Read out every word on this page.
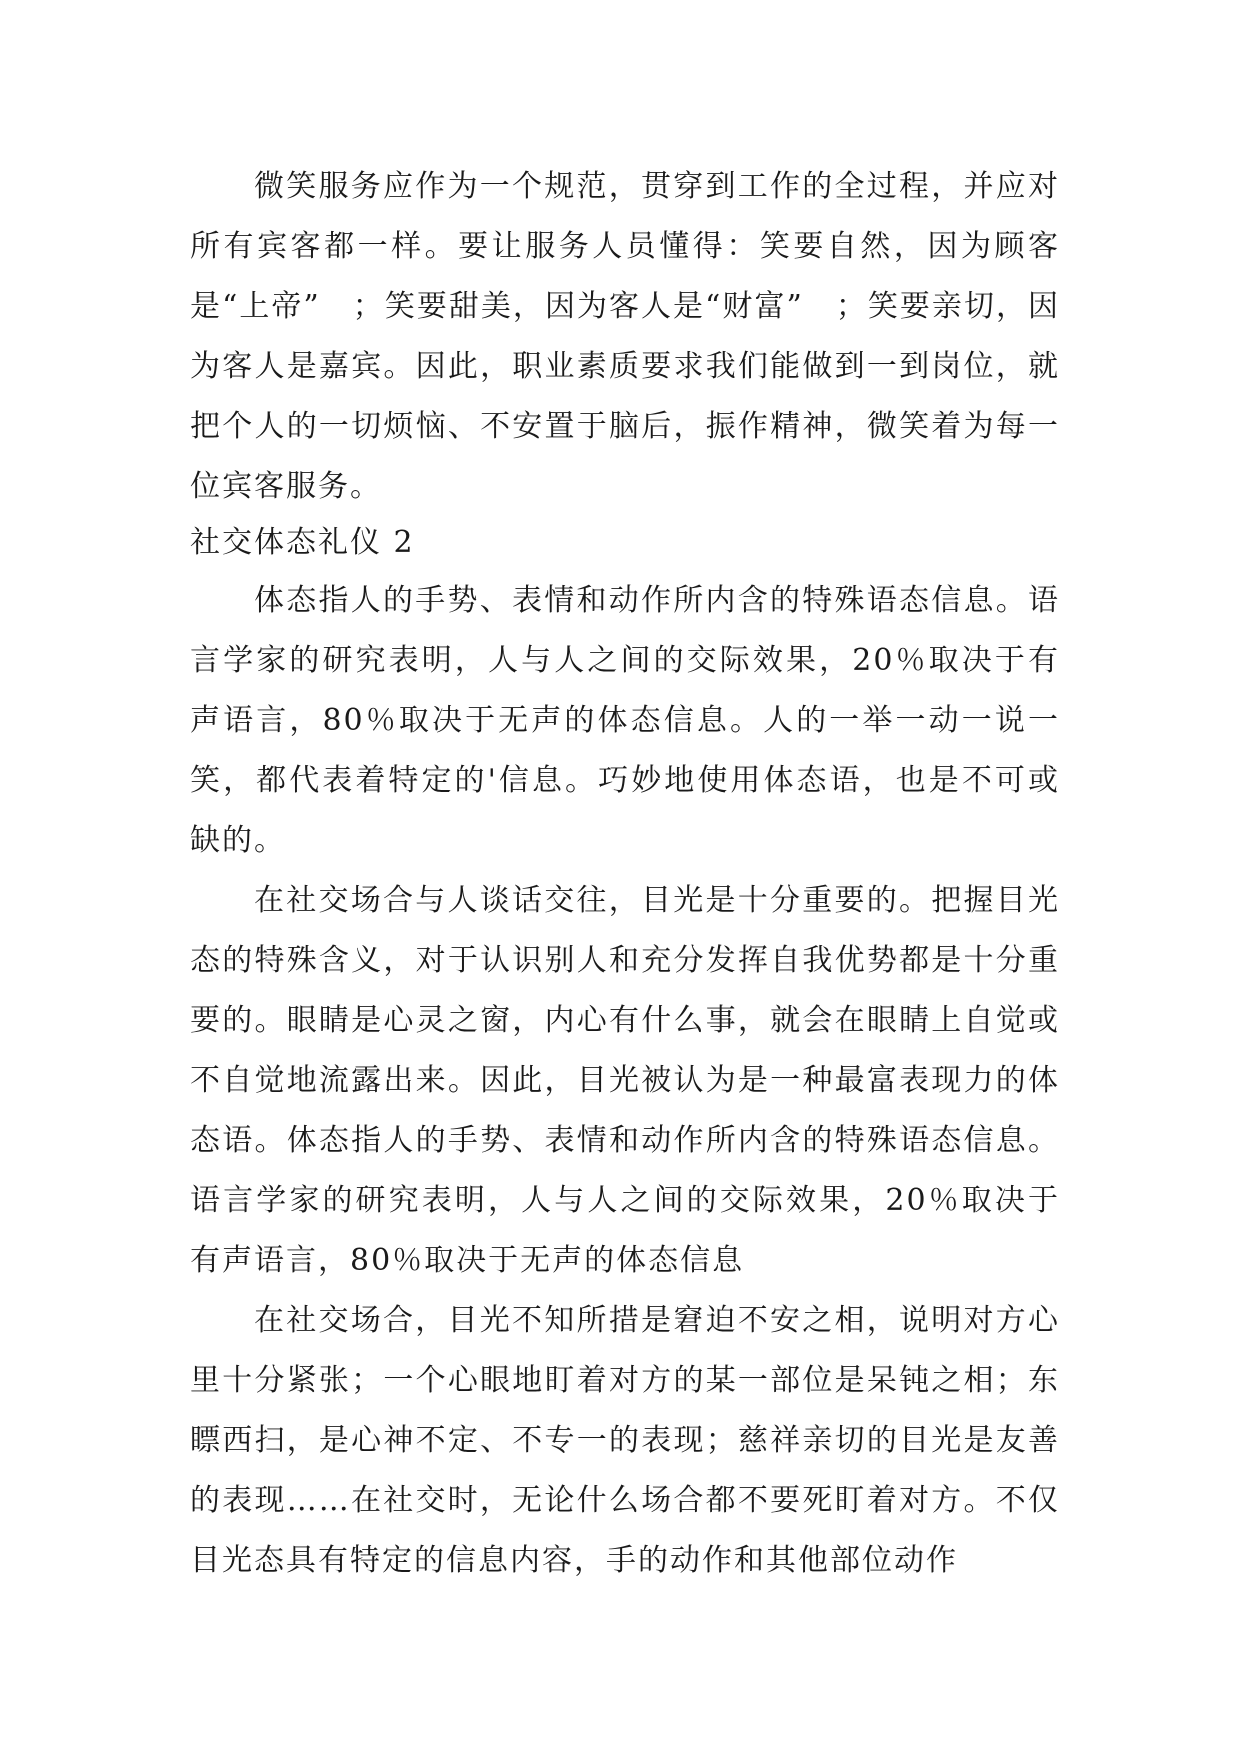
微笑服务应作为一个规范，贯穿到工作的全过程，并应对所有宾客都一样。要让服务人员懂得：笑要自然，因为顾客是“上帝”　；笑要甜美，因为客人是“财富”　；笑要亲切，因为客人是嘉宾。因此，职业素质要求我们能做到一到岗位，就把个人的一切烦恼、不安置于脑后，振作精神，微笑着为每一位宾客服务。

社交体态礼仪 2

体态指人的手势、表情和动作所内含的特殊语态信息。语言学家的研究表明，人与人之间的交际效果，20％取决于有声语言，80％取决于无声的体态信息。人的一举一动一说一笑，都代表着特定的'信息。巧妙地使用体态语，也是不可或缺的。

在社交场合与人谈话交往，目光是十分重要的。把握目光态的特殊含义，对于认识别人和充分发挥自我优势都是十分重要的。眼睛是心灵之窗，内心有什么事，就会在眼睛上自觉或不自觉地流露出来。因此，目光被认为是一种最富表现力的体态语。体态指人的手势、表情和动作所内含的特殊语态信息。语言学家的研究表明，人与人之间的交际效果，20％取决于有声语言，80％取决于无声的体态信息

在社交场合，目光不知所措是窘迫不安之相，说明对方心里十分紧张；一个心眼地盯着对方的某一部位是呆钝之相；东瞟西扫，是心神不定、不专一的表现；慈祥亲切的目光是友善的表现……在社交时，无论什么场合都不要死盯着对方。不仅目光态具有特定的信息内容，手的动作和其他部位动作
